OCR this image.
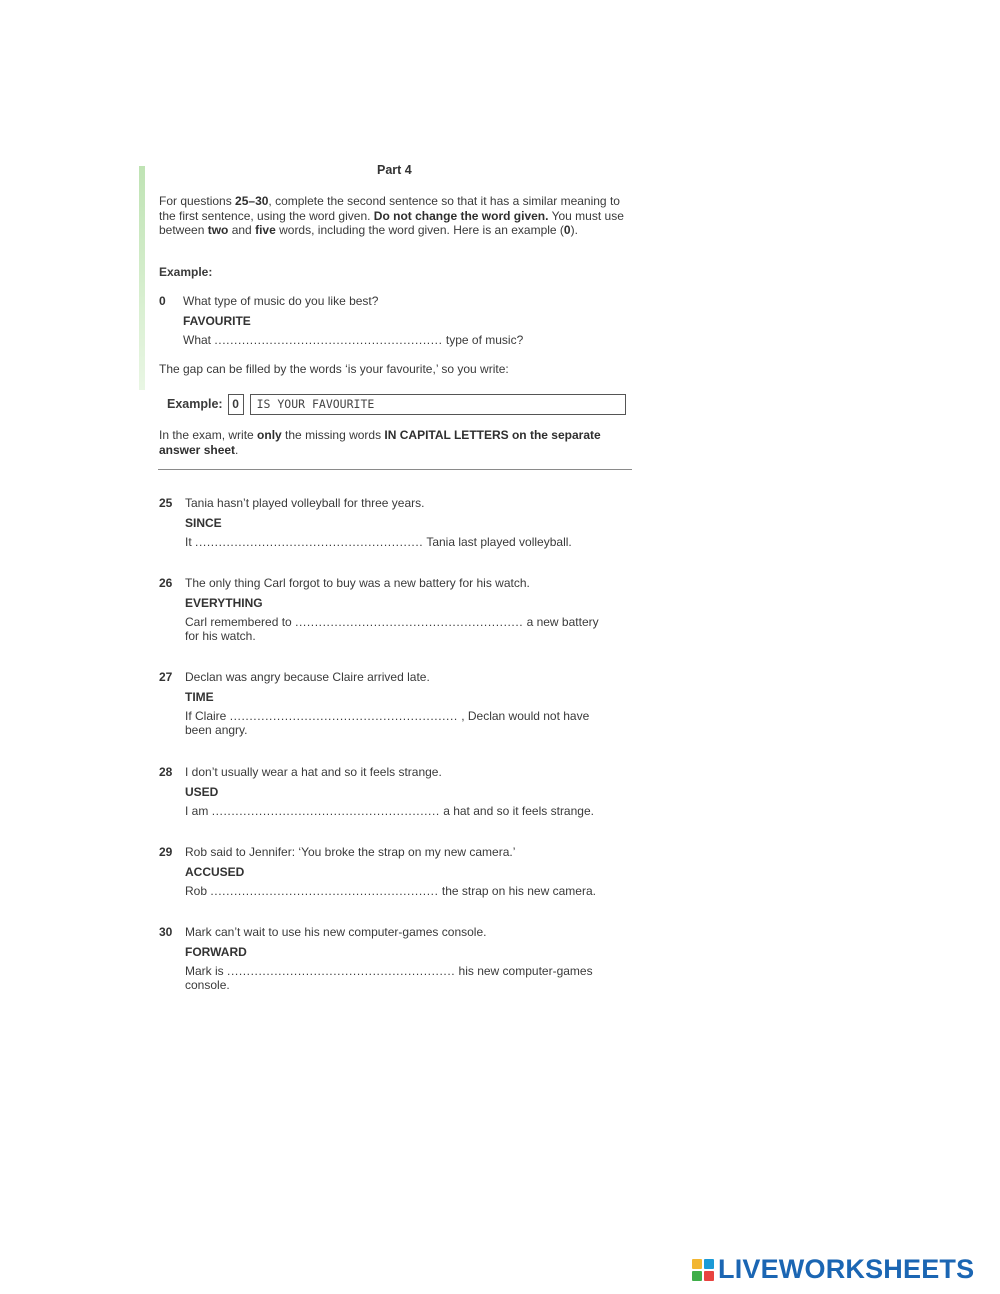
Part 4
For questions 25–30, complete the second sentence so that it has a similar meaning to the first sentence, using the word given. Do not change the word given. You must use between two and five words, including the word given. Here is an example (0).
Example:
0 What type of music do you like best?
FAVOURITE
What .......................................................... type of music?
The gap can be filled by the words ‘is your favourite,’ so you write:
Example: 0	IS YOUR FAVOURITE
In the exam, write only the missing words IN CAPITAL LETTERS on the separate answer sheet.
25 Tania hasn’t played volleyball for three years.
SINCE
It .......................................................... Tania last played volleyball.
26 The only thing Carl forgot to buy was a new battery for his watch.
EVERYTHING
Carl remembered to .......................................................... a new battery
for his watch.
27 Declan was angry because Claire arrived late.
TIME
If Claire .......................................................... , Declan would not have
been angry.
28 I don’t usually wear a hat and so it feels strange.
USED
I am .......................................................... a hat and so it feels strange.
29 Rob said to Jennifer: ‘You broke the strap on my new camera.’
ACCUSED
Rob .......................................................... the strap on his new camera.
30 Mark can’t wait to use his new computer-games console.
FORWARD
Mark is .......................................................... his new computer-games
console.
LIVEWORKSHEETS
